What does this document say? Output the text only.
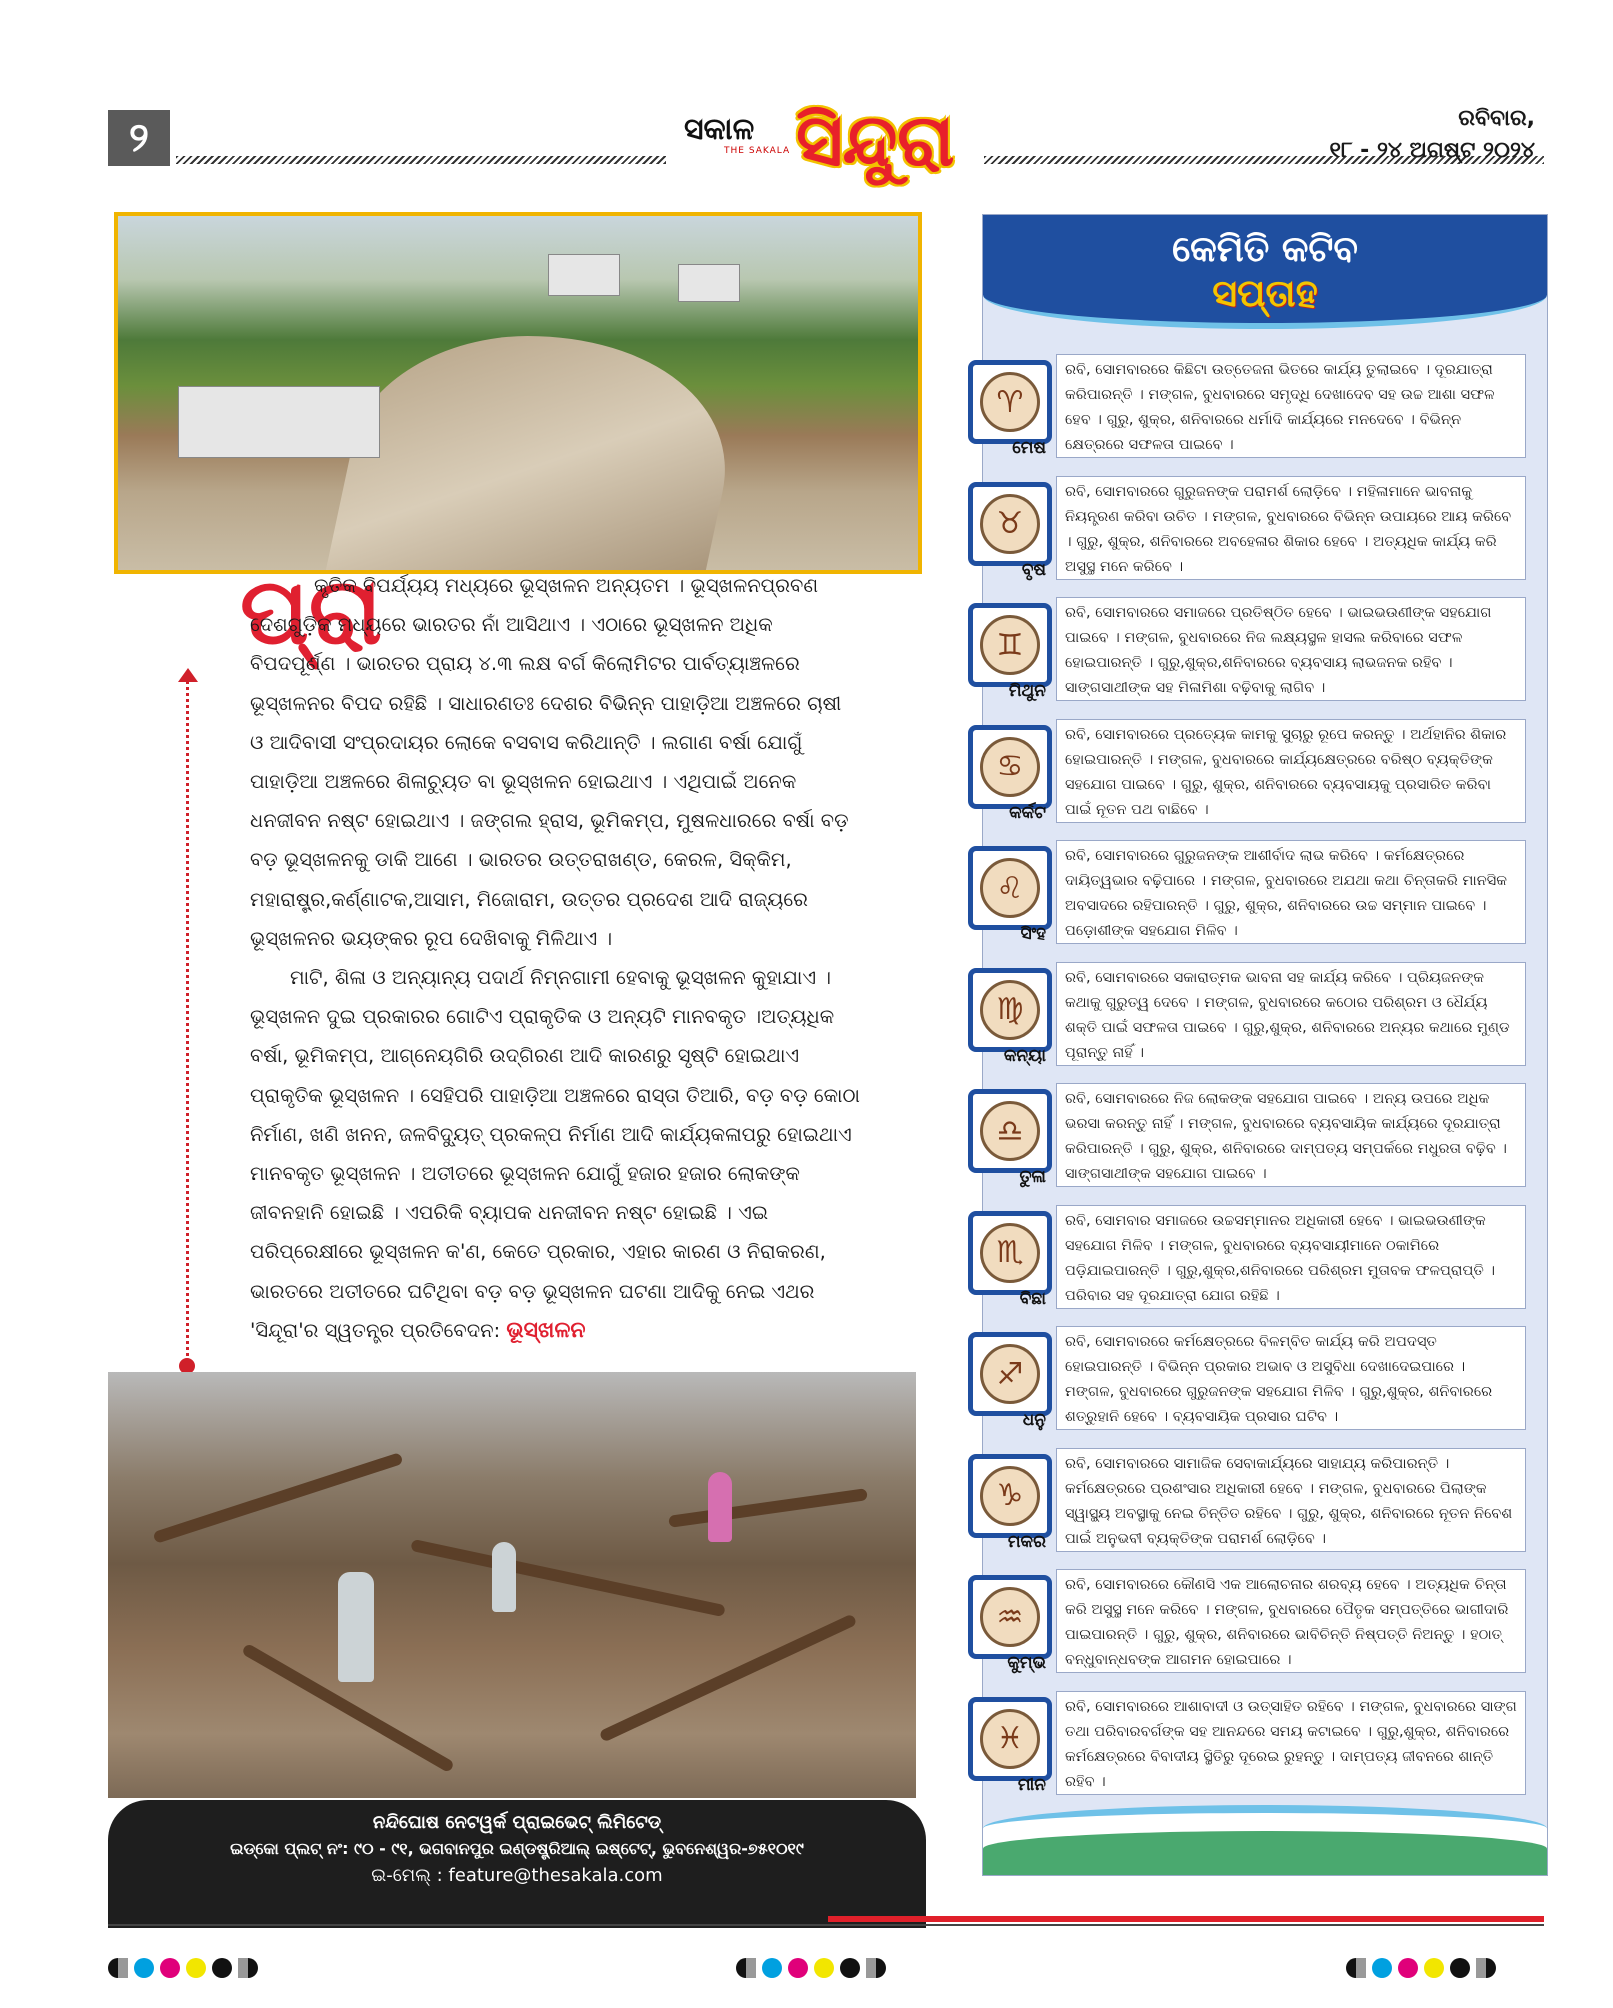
୨	ସକାଳ
THE SAKALA ସିନ୍ଦୁରା	ରବିବାର,
୧୮ - ୨୪ ଅଗଷ୍ଟ ୨୦୨୪
ପ୍ରା

କୃତିକ ବିପର୍ଯ୍ୟୟ ମଧ୍ୟରେ ଭୂସ୍ଖଳନ ଅନ୍ୟତମ । ଭୂସ୍ଖଳନପ୍ରବଣ ଦେଶଗୁଡ଼ିକ ମଧ୍ୟରେ ଭାରତର ନାଁ ଆସିଥାଏ । ଏଠାରେ ଭୂସ୍ଖଳନ ଅଧିକ ବିପଦପୂର୍ଣ୍ଣ । ଭାରତର ପ୍ରାୟ ୪.୩ ଲକ୍ଷ ବର୍ଗ କିଲୋମିଟର ପାର୍ବତ୍ୟାଞ୍ଚଳରେ ଭୂସ୍ଖଳନର ବିପଦ ରହିଛି । ସାଧାରଣତଃ ଦେଶର ବିଭିନ୍ନ ପାହାଡ଼ିଆ ଅଞ୍ଚଳରେ ଚାଷୀ ଓ ଆଦିବାସୀ ସଂପ୍ରଦାୟର ଲୋକେ ବସବାସ କରିଥାନ୍ତି । ଲଗାଣ ବର୍ଷା ଯୋଗୁଁ ପାହାଡ଼ିଆ ଅଞ୍ଚଳରେ ଶିଳାଚ୍ୟୁତ ବା ଭୂସ୍ଖଳନ ହୋଇଥାଏ । ଏଥିପାଇଁ ଅନେକ ଧନଜୀବନ ନଷ୍ଟ ହୋଇଥାଏ । ଜଙ୍ଗଲ ହ୍ରାସ, ଭୂମିକମ୍ପ, ମୁଷଳଧାରରେ ବର୍ଷା ବଡ଼ ବଡ଼ ଭୂସ୍ଖଳନକୁ ଡାକି ଆଣେ । ଭାରତର ଉତ୍ତରାଖଣ୍ଡ, କେରଳ, ସିକ୍କିମ, ମହାରାଷ୍ଟ୍ର,କର୍ଣ୍ଣାଟକ,ଆସାମ, ମିଜୋରାମ, ଉତ୍ତର ପ୍ରଦେଶ ଆଦି ରାଜ୍ୟରେ ଭୂସ୍ଖଳନର ଭୟଙ୍କର ରୂପ ଦେଖିବାକୁ ମିଳିଥାଏ ।

ମାଟି, ଶିଳା ଓ ଅନ୍ୟାନ୍ୟ ପଦାର୍ଥ ନିମ୍ନଗାମୀ ହେବାକୁ ଭୂସ୍ଖଳନ କୁହାଯାଏ । ଭୂସ୍ଖଳନ ଦୁଇ ପ୍ରକାରର ଗୋଟିଏ ପ୍ରାକୃତିକ ଓ ଅନ୍ୟଟି ମାନବକୃତ ।ଅତ୍ୟଧିକ ବର୍ଷା, ଭୂମିକମ୍ପ, ଆଗ୍ନେୟଗିରି ଉଦ୍‌ଗିରଣ ଆଦି କାରଣରୁ ସୃଷ୍ଟି ହୋଇଥାଏ ପ୍ରାକୃତିକ ଭୂସ୍ଖଳନ । ସେହିପରି ପାହାଡ଼ିଆ ଅଞ୍ଚଳରେ ରାସ୍ତା ତିଆରି, ବଡ଼ ବଡ଼ କୋଠା ନିର୍ମାଣ, ଖଣି ଖନନ, ଜଳବିଦ୍ୟୁତ୍ ପ୍ରକଳ୍ପ ନିର୍ମାଣ ଆଦି କାର୍ଯ୍ୟକଳାପରୁ ହୋଇଥାଏ ମାନବକୃତ ଭୂସ୍ଖଳନ । ଅତୀତରେ ଭୂସ୍ଖଳନ ଯୋଗୁଁ ହଜାର ହଜାର ଲୋକଙ୍କ ଜୀବନହାନି ହୋଇଛି । ଏପରିକି ବ୍ୟାପକ ଧନଜୀବନ ନଷ୍ଟ ହୋଇଛି । ଏଇ ପରିପ୍ରେକ୍ଷୀରେ ଭୂସ୍ଖଳନ କ'ଣ, କେତେ ପ୍ରକାର, ଏହାର କାରଣ ଓ ନିରାକରଣ, ଭାରତରେ ଅତୀତରେ ଘଟିଥିବା ବଡ଼ ବଡ଼ ଭୂସ୍ଖଳନ ଘଟଣା ଆଦିକୁ ନେଇ ଏଥର 'ସିନ୍ଦୂରା'ର ସ୍ୱତନ୍ତ୍ର ପ୍ରତିବେଦନ: ଭୂସ୍ଖଳନ

ନନ୍ଦିଘୋଷ ନେଟୱର୍କ ପ୍ରାଇଭେଟ୍ ଲିମିଟେଡ୍
ଇଡ୍‌କୋ ପ୍ଲଟ୍ ନଂ: ୯୦ - ୯୧, ଭଗବାନପୁର ଇଣ୍ଡଷ୍ଟ୍ରିଆଲ୍ ଇଷ୍ଟେଟ୍, ଭୁବନେଶ୍ୱର-୭୫୧୦୧୯
ଇ-ମେଲ୍ : feature@thesakala.com
କେମିତି କଟିବ
ସପ୍ତାହ
♈
ମେଷ
ରବି, ସୋମବାରରେ କିଛିଟା ଉତ୍ତେଜନା ଭିତରେ କାର୍ଯ୍ୟ ତୁଲାଇବେ । ଦୂରଯାତ୍ରା କରିପାରନ୍ତି । ମଙ୍ଗଳ, ବୁଧବାରରେ ସମୃଦ୍ଧି ଦେଖାଦେବ ସହ ଉଚ୍ଚ ଆଶା ସଫଳ ହେବ । ଗୁରୁ, ଶୁକ୍ର, ଶନିବାରରେ ଧର୍ମାଦି କାର୍ଯ୍ୟରେ ମନଦେବେ । ବିଭିନ୍ନ କ୍ଷେତ୍ରରେ ସଫଳତା ପାଇବେ ।
♉
ବୃଷ
ରବି, ସୋମବାରରେ ଗୁରୁଜନଙ୍କ ପରାମର୍ଶ ଲୋଡ଼ିବେ । ମହିଳାମାନେ ଭାବନାକୁ ନିୟନ୍ତ୍ରଣ କରିବା ଉଚିତ । ମଙ୍ଗଳ, ବୁଧବାରରେ ବିଭିନ୍ନ ଉପାୟରେ ଆୟ କରିବେ । ଗୁରୁ, ଶୁକ୍ର, ଶନିବାରରେ ଅବହେଳାର ଶିକାର ହେବେ । ଅତ୍ୟଧିକ କାର୍ଯ୍ୟ କରି ଅସୁସ୍ଥ ମନେ କରିବେ ।
♊
ମିଥୁନ
ରବି, ସୋମବାରରେ ସମାଜରେ ପ୍ରତିଷ୍ଠିତ ହେବେ । ଭାଇଭଉଣୀଙ୍କ ସହଯୋଗ ପାଇବେ । ମଙ୍ଗଳ, ବୁଧବାରରେ ନିଜ ଲକ୍ଷ୍ୟସ୍ଥଳ ହାସଲ କରିବାରେ ସଫଳ ହୋଇପାରନ୍ତି । ଗୁରୁ,ଶୁକ୍ର,ଶନିବାରରେ ବ୍ୟବସାୟ ଲାଭଜନକ ରହିବ । ସାଙ୍ଗସାଥୀଙ୍କ ସହ ମିଳାମିଶା ବଢ଼ିବାକୁ ଲାଗିବ ।
♋
କର୍କଟ
ରବି, ସୋମବାରରେ ପ୍ରତ୍ୟେକ କାମକୁ ସୁଚାରୁ ରୂପେ କରନ୍ତୁ । ଅର୍ଥହାନିର ଶିକାର ହୋଇପାରନ୍ତି । ମଙ୍ଗଳ, ବୁଧବାରରେ କାର୍ଯ୍ୟକ୍ଷେତ୍ରରେ ବରିଷ୍ଠ ବ୍ୟକ୍ତିଙ୍କ ସହଯୋଗ ପାଇବେ । ଗୁରୁ, ଶୁକ୍ର, ଶନିବାରରେ ବ୍ୟବସାୟକୁ ପ୍ରସାରିତ କରିବା ପାଇଁ ନୂତନ ପଥ ବାଛିବେ ।
♌
ସିଂହ
ରବି, ସୋମବାରରେ ଗୁରୁଜନଙ୍କ ଆଶୀର୍ବାଦ ଲାଭ କରିବେ । କର୍ମକ୍ଷେତ୍ରରେ ଦାୟିତ୍ୱଭାର ବଢ଼ିପାରେ । ମଙ୍ଗଳ, ବୁଧବାରରେ ଅଯଥା କଥା ଚିନ୍ତାକରି ମାନସିକ ଅବସାଦରେ ରହିପାରନ୍ତି । ଗୁରୁ, ଶୁକ୍ର, ଶନିବାରରେ ଉଚ୍ଚ ସମ୍ମାନ ପାଇବେ । ପଡ଼ୋଶୀଙ୍କ ସହଯୋଗ ମିଳିବ ।
♍
କନ୍ୟା
ରବି, ସୋମବାରରେ ସକାରାତ୍ମକ ଭାବନା ସହ କାର୍ଯ୍ୟ କରିବେ । ପ୍ରିୟଜନଙ୍କ କଥାକୁ ଗୁରୁତ୍ୱ ଦେବେ । ମଙ୍ଗଳ, ବୁଧବାରରେ କଠୋର ପରିଶ୍ରମ ଓ ଧୈର୍ଯ୍ୟ ଶକ୍ତି ପାଇଁ ସଫଳତା ପାଇବେ । ଗୁରୁ,ଶୁକ୍ର, ଶନିବାରରେ ଅନ୍ୟର କଥାରେ ମୁଣ୍ଡ ପୂରାନ୍ତୁ ନାହିଁ ।
♎
ତୁଳା
ରବି, ସୋମବାରରେ ନିଜ ଲୋକଙ୍କ ସହଯୋଗ ପାଇବେ । ଅନ୍ୟ ଉପରେ ଅଧିକ ଭରସା କରନ୍ତୁ ନାହିଁ । ମଙ୍ଗଳ, ବୁଧବାରରେ ବ୍ୟବସାୟିକ କାର୍ଯ୍ୟରେ ଦୂରଯାତ୍ରା କରିପାରନ୍ତି । ଗୁରୁ, ଶୁକ୍ର, ଶନିବାରରେ ଦାମ୍ପତ୍ୟ ସମ୍ପର୍କରେ ମଧୁରତା ବଢ଼ିବ । ସାଙ୍ଗସାଥୀଙ୍କ ସହଯୋଗ ପାଇବେ ।
♏
ବିଛା
ରବି, ସୋମବାର ସମାଜରେ ଉଚ୍ଚସମ୍ମାନର ଅଧିକାରୀ ହେବେ । ଭାଇଭଉଣୀଙ୍କ ସହଯୋଗ ମିଳିବ । ମଙ୍ଗଳ, ବୁଧବାରରେ ବ୍ୟବସାୟୀମାନେ ଠକାମିରେ ପଡ଼ିଯାଇପାରନ୍ତି । ଗୁରୁ,ଶୁକ୍ର,ଶନିବାରରେ ପରିଶ୍ରମ ମୁତାବକ ଫଳପ୍ରାପ୍ତି । ପରିବାର ସହ ଦୂରଯାତ୍ରା ଯୋଗ ରହିଛି ।
♐
ଧନୁ
ରବି, ସୋମବାରରେ କର୍ମକ୍ଷେତ୍ରରେ ବିଳମ୍ବିତ କାର୍ଯ୍ୟ କରି ଅପଦସ୍ତ ହୋଇପାରନ୍ତି । ବିଭିନ୍ନ ପ୍ରକାର ଅଭାବ ଓ ଅସୁବିଧା ଦେଖାଦେଇପାରେ । ମଙ୍ଗଳ, ବୁଧବାରରେ ଗୁରୁଜନଙ୍କ ସହଯୋଗ ମିଳିବ । ଗୁରୁ,ଶୁକ୍ର, ଶନିବାରରେ ଶତ୍ରୁହାନି ହେବେ । ବ୍ୟବସାୟିକ ପ୍ରସାର ଘଟିବ ।
♑
ମକର
ରବି, ସୋମବାରରେ ସାମାଜିକ ସେବାକାର୍ଯ୍ୟରେ ସାହାଯ୍ୟ କରିପାରନ୍ତି । କର୍ମକ୍ଷେତ୍ରରେ ପ୍ରଶଂସାର ଅଧିକାରୀ ହେବେ । ମଙ୍ଗଳ, ବୁଧବାରରେ ପିଲାଙ୍କ ସ୍ୱାସ୍ଥ୍ୟ ଅବସ୍ଥାକୁ ନେଇ ଚିନ୍ତିତ ରହିବେ । ଗୁରୁ, ଶୁକ୍ର, ଶନିବାରରେ ନୂତନ ନିବେଶ ପାଇଁ ଅନୁଭବୀ ବ୍ୟକ୍ତିଙ୍କ ପରାମର୍ଶ ଲୋଡ଼ିବେ ।
♒
କୁମ୍ଭ
ରବି, ସୋମବାରରେ କୌଣସି ଏକ ଆଲୋଚନାର ଶରବ୍ୟ ହେବେ । ଅତ୍ୟଧିକ ଚିନ୍ତା କରି ଅସୁସ୍ଥ ମନେ କରିବେ । ମଙ୍ଗଳ, ବୁଧବାରରେ ପୈତୃକ ସମ୍ପତ୍ତିରେ ଭାଗୀଦାରି ପାଇପାରନ୍ତି । ଗୁରୁ, ଶୁକ୍ର, ଶନିବାରରେ ଭାବିଚିନ୍ତି ନିଷ୍ପତ୍ତି ନିଅନ୍ତୁ । ହଠାତ୍ ବନ୍ଧୁବାନ୍ଧବଙ୍କ ଆଗମନ ହୋଇପାରେ ।
♓
ମୀନ
ରବି, ସୋମବାରରେ ଆଶାବାଦୀ ଓ ଉତ୍ସାହିତ ରହିବେ । ମଙ୍ଗଳ, ବୁଧବାରରେ ସାଙ୍ଗ ତଥା ପରିବାରବର୍ଗଙ୍କ ସହ ଆନନ୍ଦରେ ସମୟ କଟାଇବେ । ଗୁରୁ,ଶୁକ୍ର, ଶନିବାରରେ କର୍ମକ୍ଷେତ୍ରରେ ବିବାଦୀୟ ସ୍ଥିତିରୁ ଦୂରେଇ ରୁହନ୍ତୁ । ଦାମ୍ପତ୍ୟ ଜୀବନରେ ଶାନ୍ତି ରହିବ ।
